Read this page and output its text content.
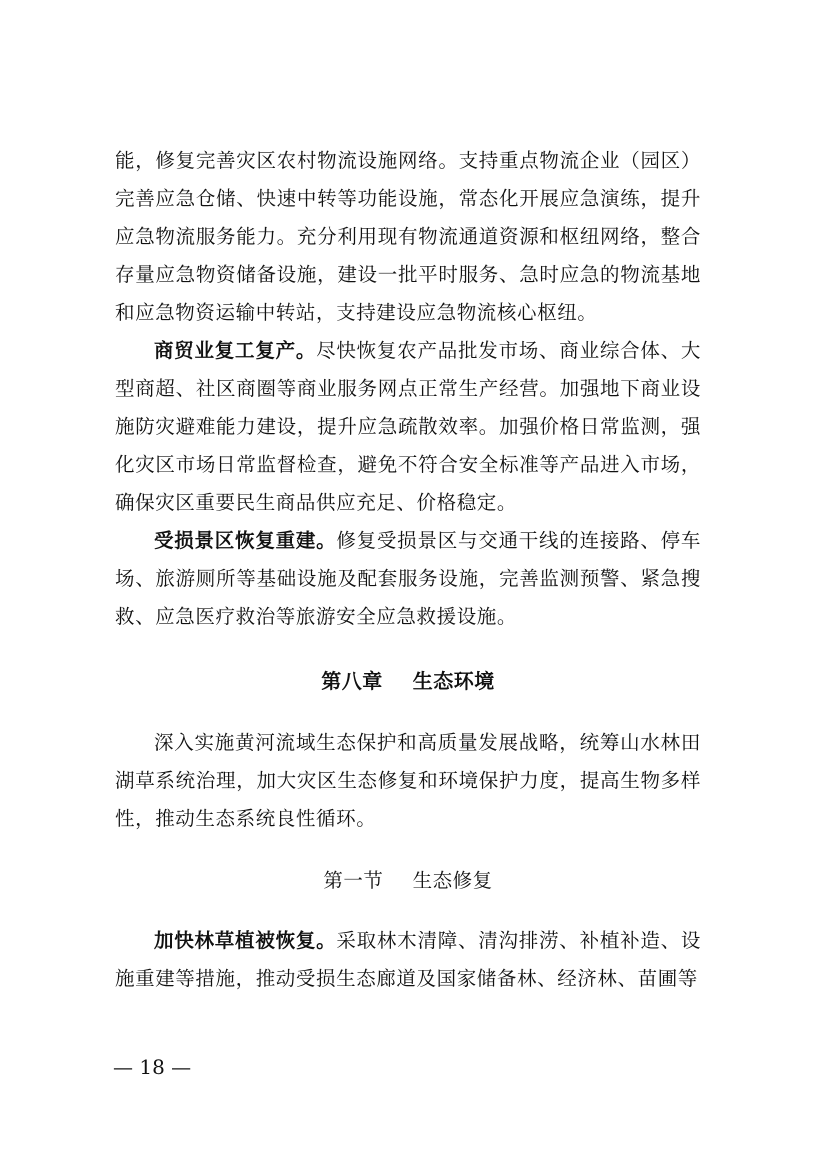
能，修复完善灾区农村物流设施网络。支持重点物流企业（园区）完善应急仓储、快速中转等功能设施，常态化开展应急演练，提升应急物流服务能力。充分利用现有物流通道资源和枢纽网络，整合存量应急物资储备设施，建设一批平时服务、急时应急的物流基地和应急物资运输中转站，支持建设应急物流核心枢纽。

商贸业复工复产。尽快恢复农产品批发市场、商业综合体、大型商超、社区商圈等商业服务网点正常生产经营。加强地下商业设施防灾避难能力建设，提升应急疏散效率。加强价格日常监测，强化灾区市场日常监督检查，避免不符合安全标准等产品进入市场，确保灾区重要民生商品供应充足、价格稳定。

受损景区恢复重建。修复受损景区与交通干线的连接路、停车场、旅游厕所等基础设施及配套服务设施，完善监测预警、紧急搜救、应急医疗救治等旅游安全应急救援设施。

第八章 生态环境

深入实施黄河流域生态保护和高质量发展战略，统筹山水林田湖草系统治理，加大灾区生态修复和环境保护力度，提高生物多样性，推动生态系统良性循环。

第一节 生态修复

加快林草植被恢复。采取林木清障、清沟排涝、补植补造、设施重建等措施，推动受损生态廊道及国家储备林、经济林、苗圃等

— 18 —
